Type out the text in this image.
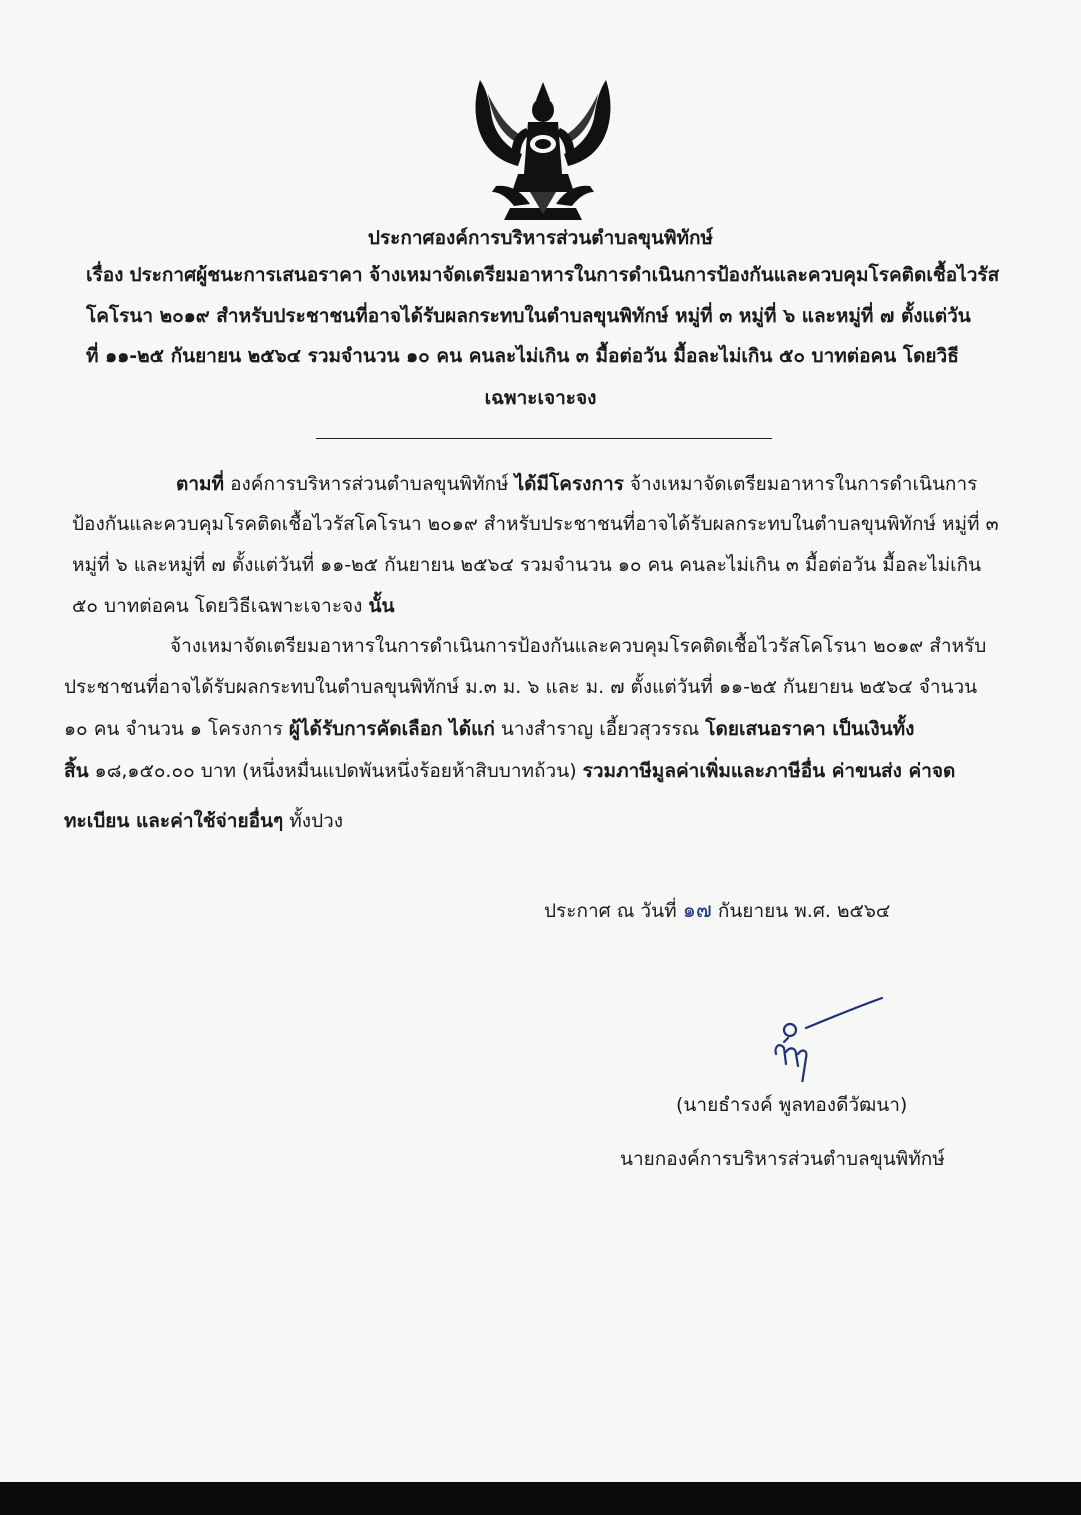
ประกาศองค์การบริหารส่วนตำบลขุนพิทักษ์
เรื่อง ประกาศผู้ชนะการเสนอราคา จ้างเหมาจัดเตรียมอาหารในการดำเนินการป้องกันและควบคุมโรคติดเชื้อไวรัส
โคโรนา ๒๐๑๙ สำหรับประชาชนที่อาจได้รับผลกระทบในตำบลขุนพิทักษ์ หมู่ที่ ๓ หมู่ที่ ๖ และหมู่ที่ ๗ ตั้งแต่วัน
ที่ ๑๑-๒๕ กันยายน ๒๕๖๔ รวมจำนวน ๑๐ คน คนละไม่เกิน ๓ มื้อต่อวัน มื้อละไม่เกิน ๕๐ บาทต่อคน โดยวิธี
เฉพาะเจาะจง
ตามที่ องค์การบริหารส่วนตำบลขุนพิทักษ์ ได้มีโครงการ จ้างเหมาจัดเตรียมอาหารในการดำเนินการ
ป้องกันและควบคุมโรคติดเชื้อไวรัสโคโรนา ๒๐๑๙ สำหรับประชาชนที่อาจได้รับผลกระทบในตำบลขุนพิทักษ์ หมู่ที่ ๓
หมู่ที่ ๖ และหมู่ที่ ๗ ตั้งแต่วันที่ ๑๑-๒๕ กันยายน ๒๕๖๔ รวมจำนวน ๑๐ คน คนละไม่เกิน ๓ มื้อต่อวัน มื้อละไม่เกิน
๕๐ บาทต่อคน โดยวิธีเฉพาะเจาะจง นั้น
จ้างเหมาจัดเตรียมอาหารในการดำเนินการป้องกันและควบคุมโรคติดเชื้อไวรัสโคโรนา ๒๐๑๙ สำหรับ
ประชาชนที่อาจได้รับผลกระทบในตำบลขุนพิทักษ์ ม.๓ ม. ๖ และ ม. ๗ ตั้งแต่วันที่ ๑๑-๒๕ กันยายน ๒๕๖๔ จำนวน
๑๐ คน จำนวน ๑ โครงการ ผู้ได้รับการคัดเลือก ได้แก่ นางสำราญ เอี้ยวสุวรรณ โดยเสนอราคา เป็นเงินทั้ง
สิ้น ๑๘,๑๕๐.๐๐ บาท (หนึ่งหมื่นแปดพันหนึ่งร้อยห้าสิบบาทถ้วน) รวมภาษีมูลค่าเพิ่มและภาษีอื่น ค่าขนส่ง ค่าจด
ทะเบียน และค่าใช้จ่ายอื่นๆ ทั้งปวง
ประกาศ ณ วันที่ ๑๗ กันยายน พ.ศ. ๒๕๖๔
(นายธำรงค์ พูลทองดีวัฒนา)
นายกองค์การบริหารส่วนตำบลขุนพิทักษ์
